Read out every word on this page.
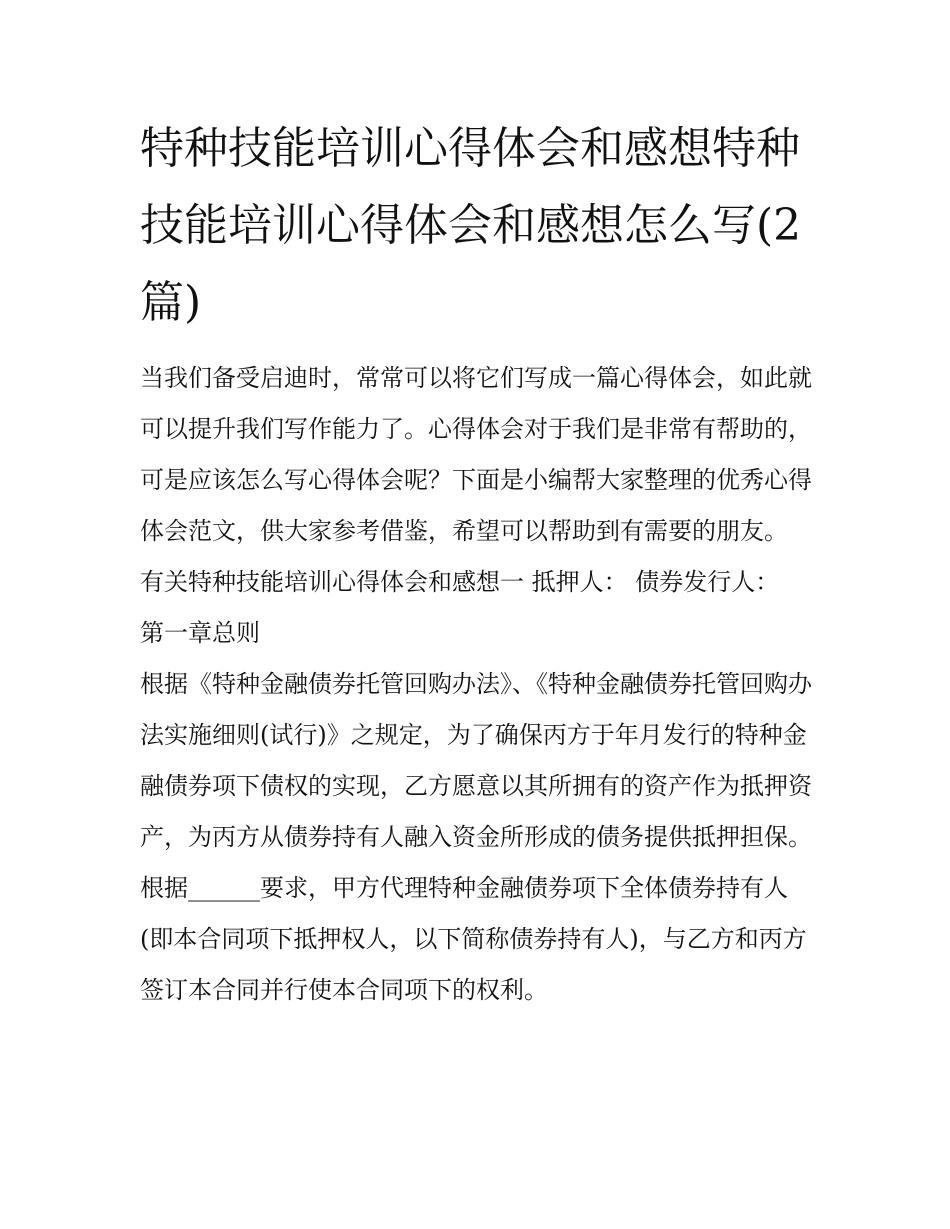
特种技能培训心得体会和感想特种技能培训心得体会和感想怎么写(2篇)

当我们备受启迪时，常常可以将它们写成一篇心得体会，如此就可以提升我们写作能力了。心得体会对于我们是非常有帮助的，可是应该怎么写心得体会呢？下面是小编帮大家整理的优秀心得体会范文，供大家参考借鉴，希望可以帮助到有需要的朋友。

有关特种技能培训心得体会和感想一 抵押人： 债券发行人：

第一章总则

根据《特种金融债券托管回购办法》、《特种金融债券托管回购办法实施细则(试行)》之规定，为了确保丙方于年月发行的特种金融债券项下债权的实现，乙方愿意以其所拥有的资产作为抵押资产，为丙方从债券持有人融入资金所形成的债务提供抵押担保。

根据______要求，甲方代理特种金融债券项下全体债券持有人(即本合同项下抵押权人，以下简称债券持有人)，与乙方和丙方签订本合同并行使本合同项下的权利。
